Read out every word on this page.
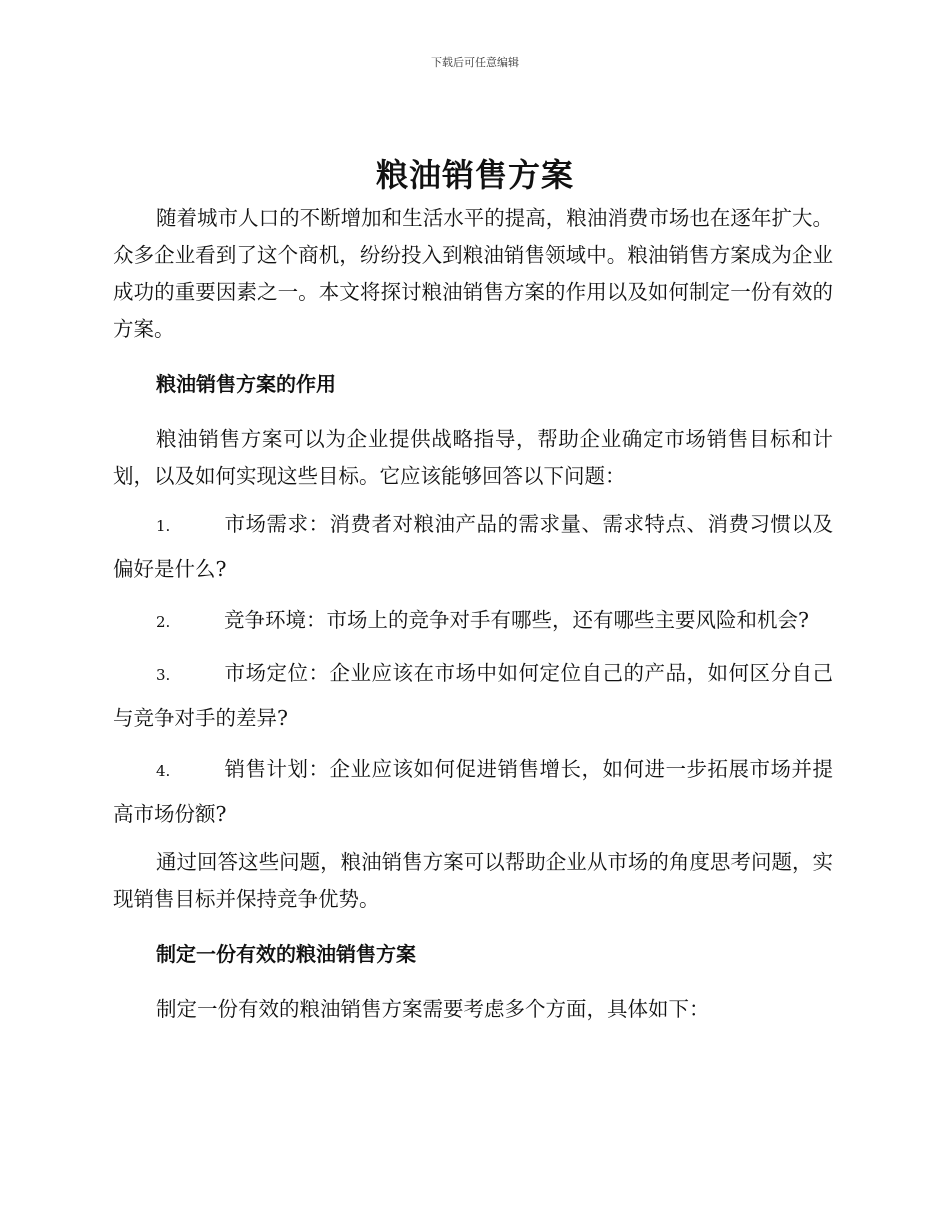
下载后可任意编辑
粮油销售方案

随着城市人口的不断增加和生活水平的提高，粮油消费市场也在逐年扩大。众多企业看到了这个商机，纷纷投入到粮油销售领域中。粮油销售方案成为企业成功的重要因素之一。本文将探讨粮油销售方案的作用以及如何制定一份有效的方案。

粮油销售方案的作用

粮油销售方案可以为企业提供战略指导，帮助企业确定市场销售目标和计划，以及如何实现这些目标。它应该能够回答以下问题：

1.	市场需求：消费者对粮油产品的需求量、需求特点、消费习惯以及偏好是什么?

2.	竞争环境：市场上的竞争对手有哪些，还有哪些主要风险和机会?

3.	市场定位：企业应该在市场中如何定位自己的产品，如何区分自己与竞争对手的差异?

4.	销售计划：企业应该如何促进销售增长，如何进一步拓展市场并提高市场份额?

通过回答这些问题，粮油销售方案可以帮助企业从市场的角度思考问题，实现销售目标并保持竞争优势。

制定一份有效的粮油销售方案

制定一份有效的粮油销售方案需要考虑多个方面，具体如下：
